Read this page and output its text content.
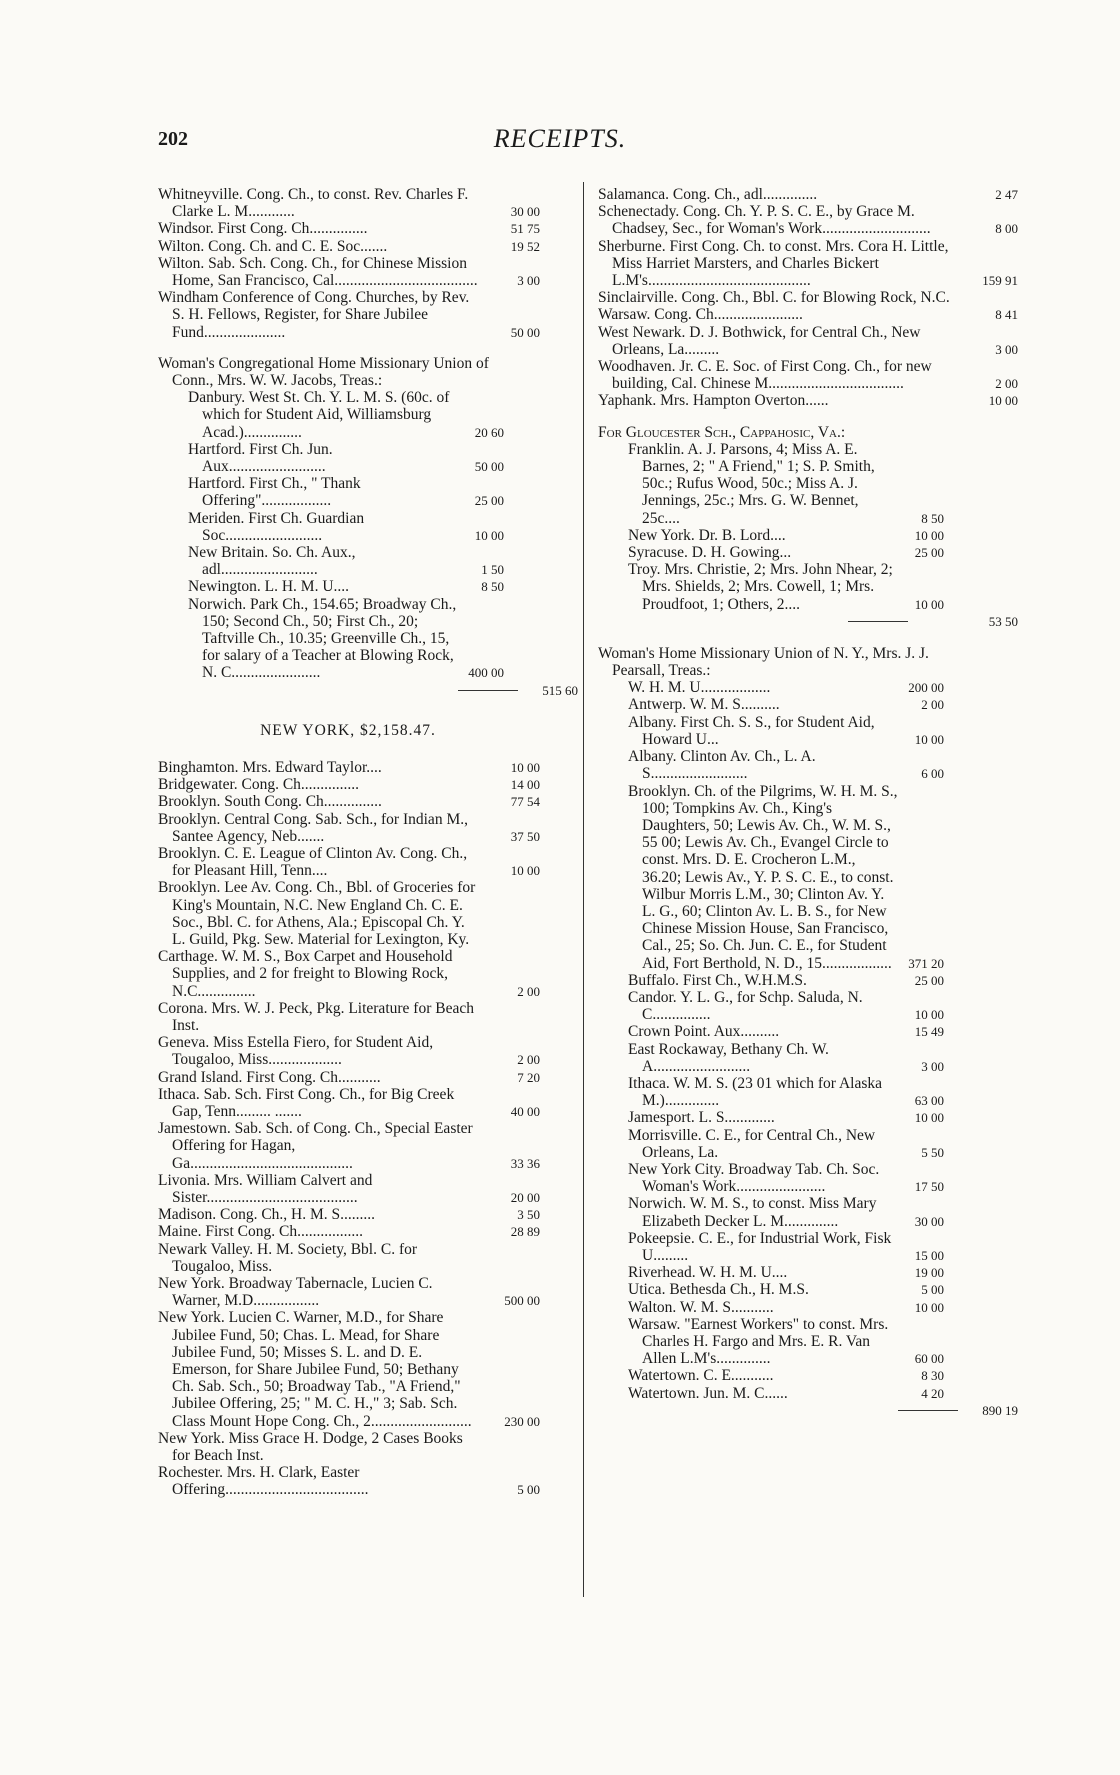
202	RECEIPTS.
Whitneyville. Cong. Ch., to const. Rev. Charles F. Clarke L. M............	30 00
Windsor. First Cong. Ch...............	51 75
Wilton. Cong. Ch. and C. E. Soc.......	19 52
Wilton. Sab. Sch. Cong. Ch., for Chinese Mission Home, San Francisco, Cal.....................................	3 00
Windham Conference of Cong. Churches, by Rev. S. H. Fellows, Register, for Share Jubilee Fund.....................	50 00
Woman's Congregational Home Missionary Union of Conn., Mrs. W. W. Jacobs, Treas.:
Danbury. West St. Ch. Y. L. M. S. (60c. of which for Student Aid, Williamsburg Acad.)...............	20 60
Hartford. First Ch. Jun. Aux.........................	50 00
Hartford. First Ch., " Thank Offering"..................	25 00
Meriden. First Ch. Guardian Soc.........................	10 00
New Britain. So. Ch. Aux., adl.........................	1 50
Newington. L. H. M. U....	8 50
Norwich. Park Ch., 154.65; Broadway Ch., 150; Second Ch., 50; First Ch., 20; Taftville Ch., 10.35; Greenville Ch., 15, for salary of a Teacher at Blowing Rock, N. C.......................	400 00
515 60
NEW YORK, $2,158.47.
Binghamton. Mrs. Edward Taylor....	10 00
Bridgewater. Cong. Ch...............	14 00
Brooklyn. South Cong. Ch...............	77 54
Brooklyn. Central Cong. Sab. Sch., for Indian M., Santee Agency, Neb.......	37 50
Brooklyn. C. E. League of Clinton Av. Cong. Ch., for Pleasant Hill, Tenn....	10 00
Brooklyn. Lee Av. Cong. Ch., Bbl. of Groceries for King's Mountain, N.C. New England Ch. C. E. Soc., Bbl. C. for Athens, Ala.; Episcopal Ch. Y. L. Guild, Pkg. Sew. Material for Lexington, Ky.
Carthage. W. M. S., Box Carpet and Household Supplies, and 2 for freight to Blowing Rock, N.C...............	2 00
Corona. Mrs. W. J. Peck, Pkg. Literature for Beach Inst.
Geneva. Miss Estella Fiero, for Student Aid, Tougaloo, Miss...................	2 00
Grand Island. First Cong. Ch...........	7 20
Ithaca. Sab. Sch. First Cong. Ch., for Big Creek Gap, Tenn......... .......	40 00
Jamestown. Sab. Sch. of Cong. Ch., Special Easter Offering for Hagan, Ga..........................................	33 36
Livonia. Mrs. William Calvert and Sister.......................................	20 00
Madison. Cong. Ch., H. M. S.........	3 50
Maine. First Cong. Ch.................	28 89
Newark Valley. H. M. Society, Bbl. C. for Tougaloo, Miss.
New York. Broadway Tabernacle, Lucien C. Warner, M.D.................	500 00
New York. Lucien C. Warner, M.D., for Share Jubilee Fund, 50; Chas. L. Mead, for Share Jubilee Fund, 50; Misses S. L. and D. E. Emerson, for Share Jubilee Fund, 50; Bethany Ch. Sab. Sch., 50; Broadway Tab., "A Friend," Jubilee Offering, 25; " M. C. H.," 3; Sab. Sch. Class Mount Hope Cong. Ch., 2..........................	230 00
New York. Miss Grace H. Dodge, 2 Cases Books for Beach Inst.
Rochester. Mrs. H. Clark, Easter Offering.....................................	5 00
Salamanca. Cong. Ch., adl..............	2 47
Schenectady. Cong. Ch. Y. P. S. C. E., by Grace M. Chadsey, Sec., for Woman's Work............................	8 00
Sherburne. First Cong. Ch. to const. Mrs. Cora H. Little, Miss Harriet Marsters, and Charles Bickert L.M's..........................................	159 91
Sinclairville. Cong. Ch., Bbl. C. for Blowing Rock, N.C.
Warsaw. Cong. Ch.......................	8 41
West Newark. D. J. Bothwick, for Central Ch., New Orleans, La.........	3 00
Woodhaven. Jr. C. E. Soc. of First Cong. Ch., for new building, Cal. Chinese M...................................	2 00
Yaphank. Mrs. Hampton Overton......	10 00
For Gloucester Sch., Cappahosic, Va.:
Franklin. A. J. Parsons, 4; Miss A. E. Barnes, 2; " A Friend," 1; S. P. Smith, 50c.; Rufus Wood, 50c.; Miss A. J. Jennings, 25c.; Mrs. G. W. Bennet, 25c....	8 50
New York. Dr. B. Lord....	10 00
Syracuse. D. H. Gowing...	25 00
Troy. Mrs. Christie, 2; Mrs. John Nhear, 2; Mrs. Shields, 2; Mrs. Cowell, 1; Mrs. Proudfoot, 1; Others, 2....	10 00
53 50
Woman's Home Missionary Union of N. Y., Mrs. J. J. Pearsall, Treas.:
W. H. M. U..................	200 00
Antwerp. W. M. S..........	2 00
Albany. First Ch. S. S., for Student Aid, Howard U...	10 00
Albany. Clinton Av. Ch., L. A. S.........................	6 00
Brooklyn. Ch. of the Pilgrims, W. H. M. S., 100; Tompkins Av. Ch., King's Daughters, 50; Lewis Av. Ch., W. M. S., 55 00; Lewis Av. Ch., Evangel Circle to const. Mrs. D. E. Crocheron L.M., 36.20; Lewis Av., Y. P. S. C. E., to const. Wilbur Morris L.M., 30; Clinton Av. Y. L. G., 60; Clinton Av. L. B. S., for New Chinese Mission House, San Francisco, Cal., 25; So. Ch. Jun. C. E., for Student Aid, Fort Berthold, N. D., 15..................	371 20
Buffalo. First Ch., W.H.M.S.	25 00
Candor. Y. L. G., for Schp. Saluda, N. C...............	10 00
Crown Point. Aux..........	15 49
East Rockaway, Bethany Ch. W. A.........................	3 00
Ithaca. W. M. S. (23 01 which for Alaska M.)..............	63 00
Jamesport. L. S.............	10 00
Morrisville. C. E., for Central Ch., New Orleans, La.	5 50
New York City. Broadway Tab. Ch. Soc. Woman's Work.......................	17 50
Norwich. W. M. S., to const. Miss Mary Elizabeth Decker L. M..............	30 00
Pokeepsie. C. E., for Industrial Work, Fisk U.........	15 00
Riverhead. W. H. M. U....	19 00
Utica. Bethesda Ch., H. M.S.	5 00
Walton. W. M. S...........	10 00
Warsaw. "Earnest Workers" to const. Mrs. Charles H. Fargo and Mrs. E. R. Van Allen L.M's..............	60 00
Watertown. C. E...........	8 30
Watertown. Jun. M. C......	4 20
890 19
